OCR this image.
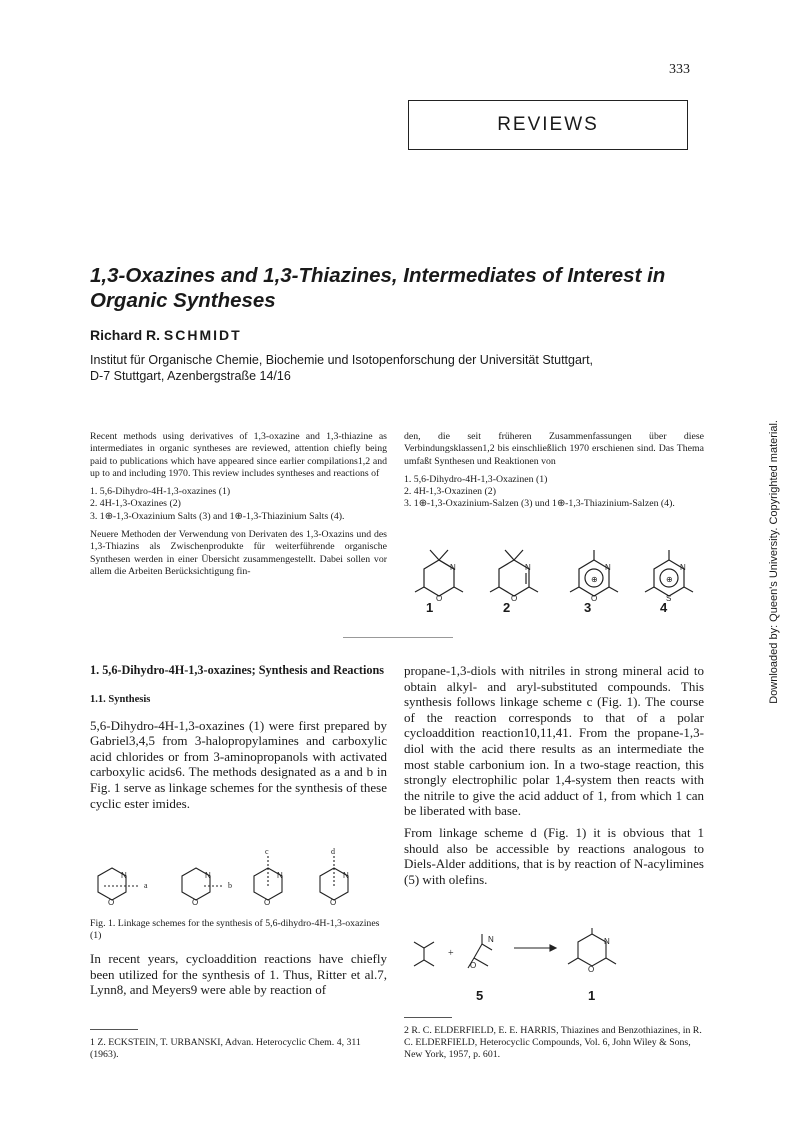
333
REVIEWS
1,3-Oxazines and 1,3-Thiazines, Intermediates of Interest in Organic Syntheses
Richard R. SCHMIDT
Institut für Organische Chemie, Biochemie und Isotopenforschung der Universität Stuttgart,
D-7 Stuttgart, Azenbergstraße 14/16

Recent methods using derivatives of 1,3-oxazine and 1,3-thiazine as intermediates in organic syntheses are reviewed, attention chiefly being paid to publications which have appeared since earlier compilations1,2 and up to and including 1970. This review includes syntheses and reactions of

1. 5,6-Dihydro-4H-1,3-oxazines (1)
2. 4H-1,3-Oxazines (2)
3. 1⊕-1,3-Oxazinium Salts (3) and 1⊕-1,3-Thiazinium Salts (4).

Neuere Methoden der Verwendung von Derivaten des 1,3-Oxazins und des 1,3-Thiazins als Zwischenprodukte für weiterführende organische Synthesen werden in einer Übersicht zusammengestellt. Dabei sollen vor allem die Arbeiten Berücksichtigung fin-

den, die seit früheren Zusammenfassungen über diese Verbindungsklassen1,2 bis einschließlich 1970 erschienen sind. Das Thema umfaßt Synthesen und Reaktionen von

1. 5,6-Dihydro-4H-1,3-Oxazinen (1)
2. 4H-1,3-Oxazinen (2)
3. 1⊕-1,3-Oxazinium-Salzen (3) und 1⊕-1,3-Thiazinium-Salzen (4).
N
O
N
O
N
O
⊕
N
S
⊕
1	2	3	4
1. 5,6-Dihydro-4H-1,3-oxazines; Synthesis and Reactions
1.1. Synthesis

5,6-Dihydro-4H-1,3-oxazines (1) were first prepared by Gabriel3,4,5 from 3-halopropylamines and carboxylic acid chlorides or from 3-aminopropanols with activated carboxylic acids6. The methods designated as a and b in Fig. 1 serve as linkage schemes for the synthesis of these cyclic ester imides.

N
O
N
O
N
O
N
O
a	b
c	d
Fig. 1. Linkage schemes for the synthesis of 5,6-dihydro-4H-1,3-oxazines (1)

In recent years, cycloaddition reactions have chiefly been utilized for the synthesis of 1. Thus, Ritter et al.7, Lynn8, and Meyers9 were able by reaction of

propane-1,3-diols with nitriles in strong mineral acid to obtain alkyl- and aryl-substituted compounds. This synthesis follows linkage scheme c (Fig. 1). The course of the reaction corresponds to that of a polar cycloaddition reaction10,11,41. From the propane-1,3-diol with the acid there results as an intermediate the most stable carbonium ion. In a two-stage reaction, this strongly electrophilic polar 1,4-system then reacts with the nitrile to give the acid adduct of 1, from which 1 can be liberated with base.

From linkage scheme d (Fig. 1) it is obvious that 1 should also be accessible by reactions analogous to Diels-Alder additions, that is by reaction of N-acylimines (5) with olefins.

N
O
N
O
+
5	1
1 Z. ECKSTEIN, T. URBANSKI, Advan. Heterocyclic Chem. 4, 311 (1963).
2 R. C. ELDERFIELD, E. E. HARRIS, Thiazines and Benzothiazines, in R. C. ELDERFIELD, Heterocyclic Compounds, Vol. 6, John Wiley & Sons, New York, 1957, p. 601.
Downloaded by: Queen's University. Copyrighted material.
